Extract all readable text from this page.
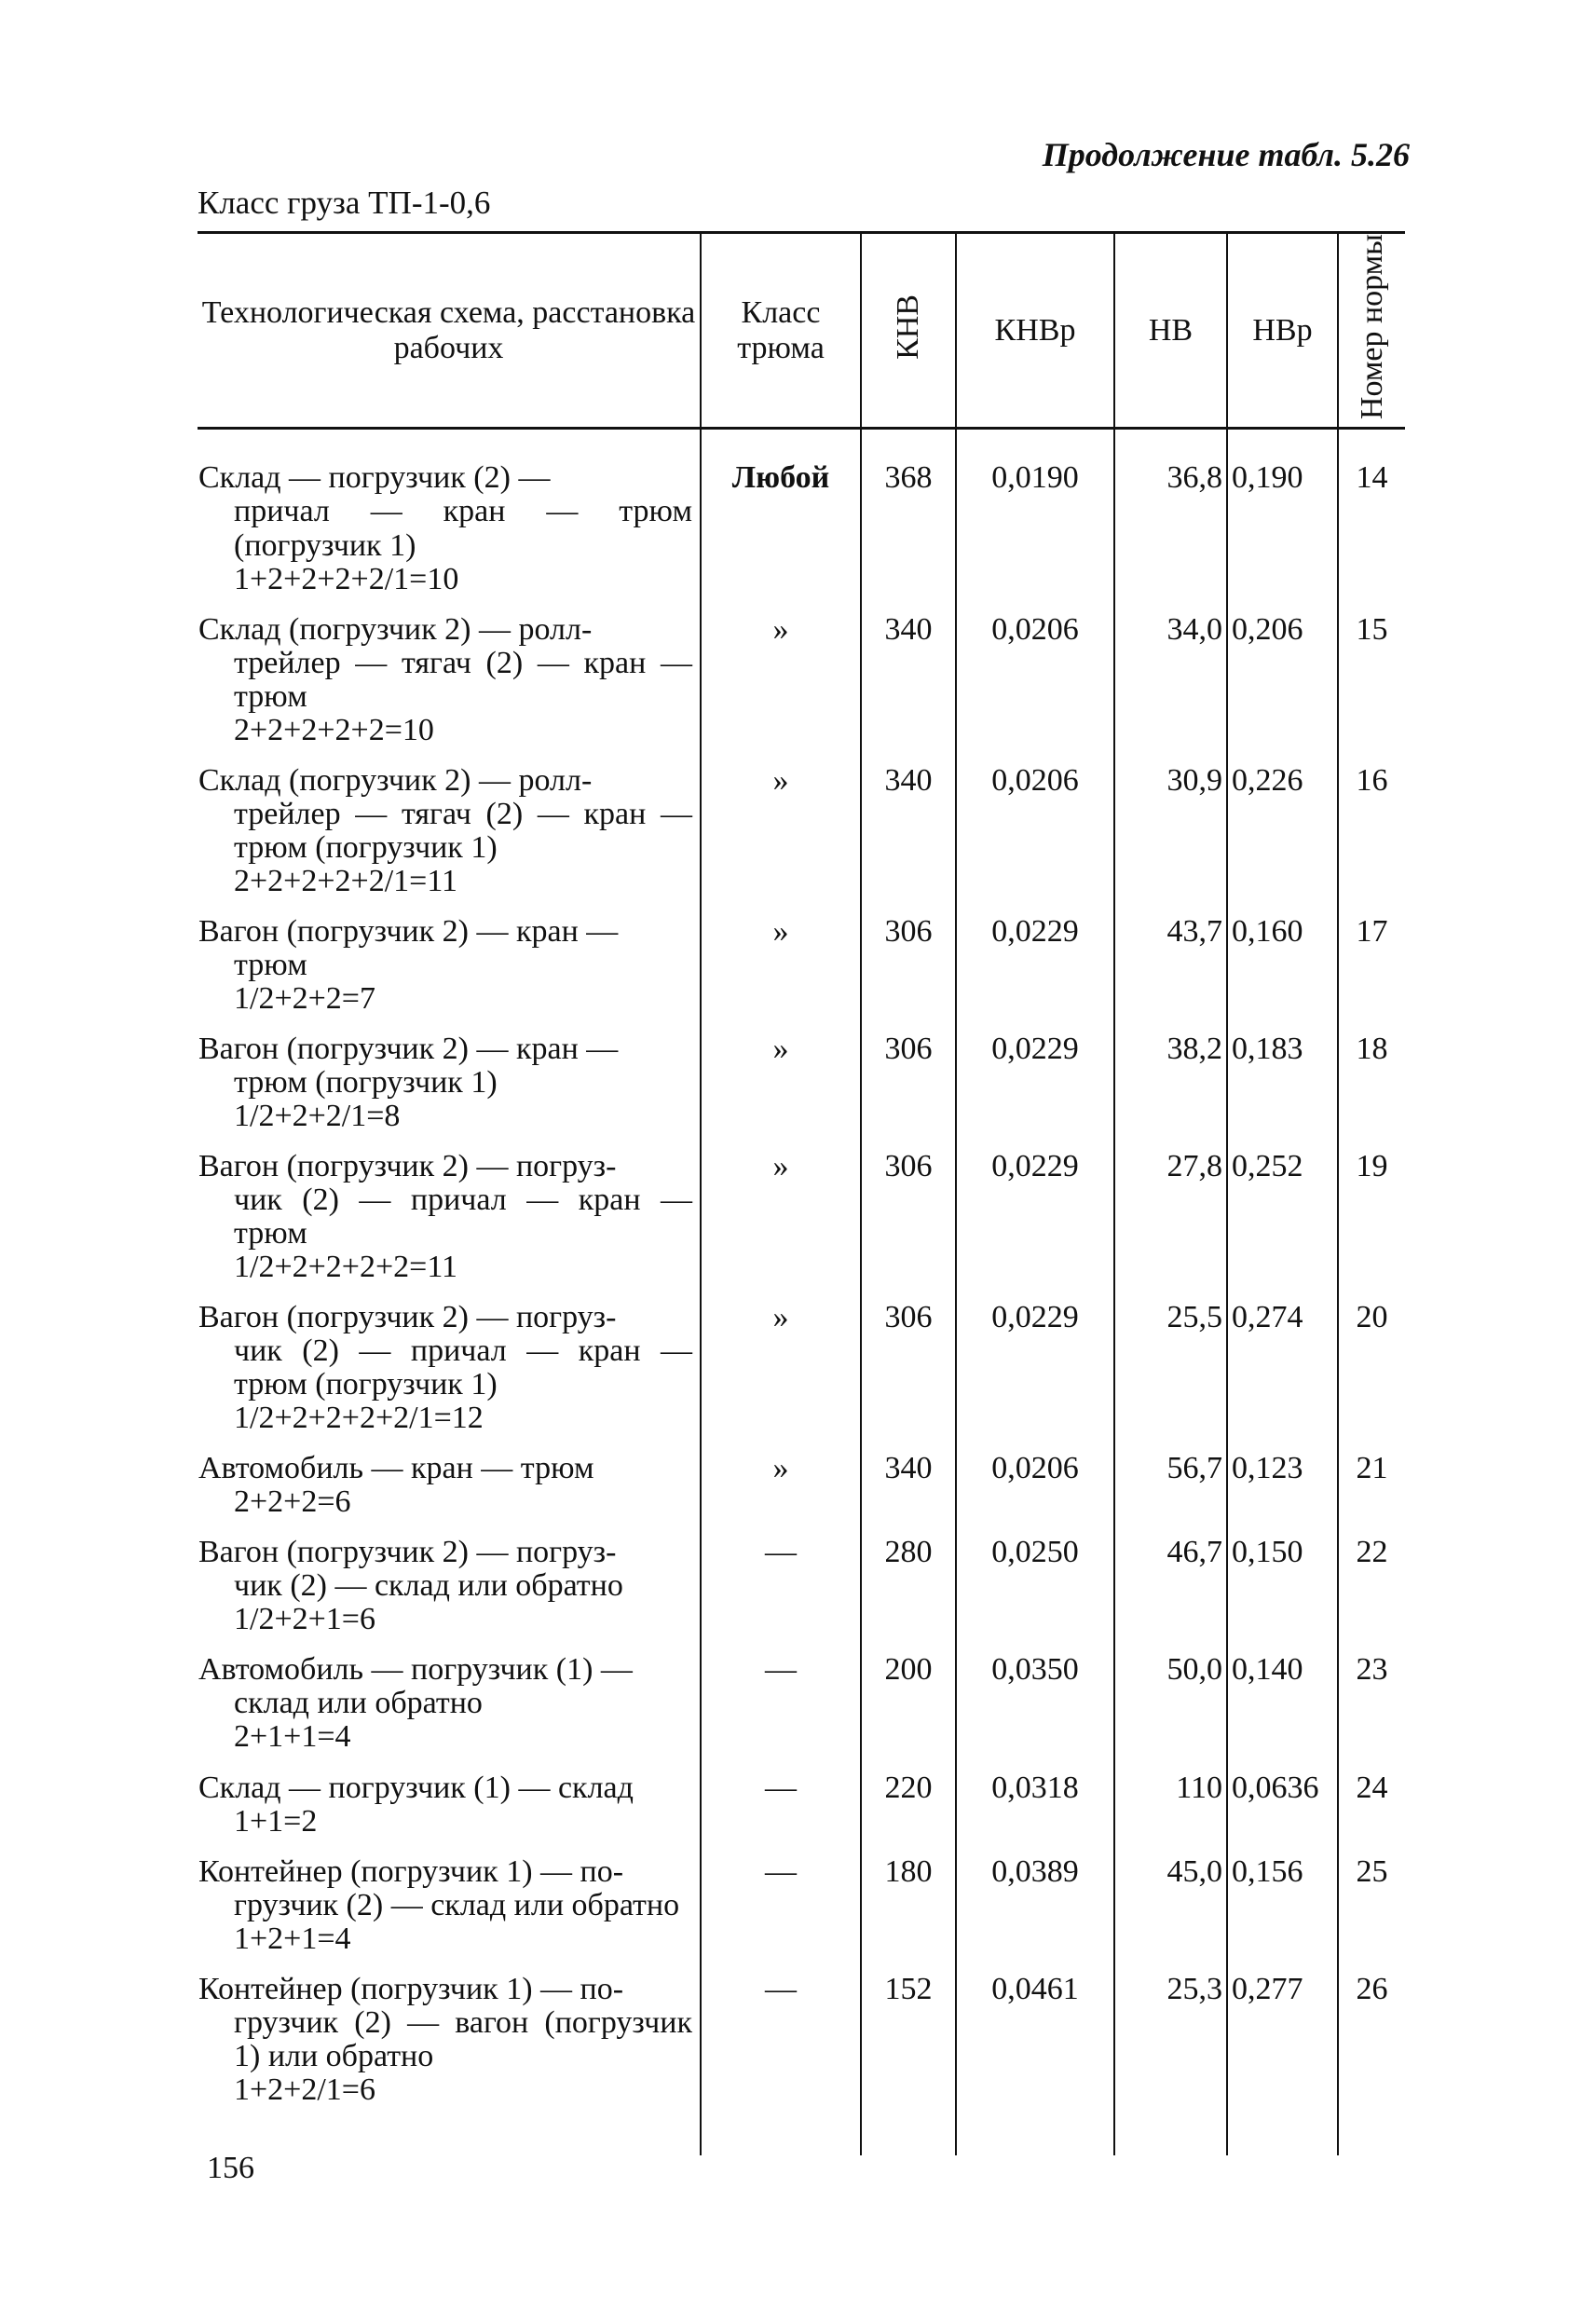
Продолжение табл. 5.26
Класс груза ТП-1-0,6
Технологическая схема, расстановка рабочих	Класс трюма	КНВ	КНВр	НВ	НВр	Номер нормы

Склад — погрузчик (2) —
причал — кран — трюм (погрузчик 1)
1+2+2+2+2/1=10	Любой	368	0,0190	36,8	0,190	14

Склад (погрузчик 2) — ролл-
трейлер — тягач (2) — кран — трюм
2+2+2+2+2=10	»	340	0,0206	34,0	0,206	15

Склад (погрузчик 2) — ролл-
трейлер — тягач (2) — кран — трюм (погрузчик 1)
2+2+2+2+2/1=11	»	340	0,0206	30,9	0,226	16

Вагон (погрузчик 2) — кран —
трюм
1/2+2+2=7	»	306	0,0229	43,7	0,160	17

Вагон (погрузчик 2) — кран —
трюм (погрузчик 1)
1/2+2+2/1=8	»	306	0,0229	38,2	0,183	18

Вагон (погрузчик 2) — погруз-
чик (2) — причал — кран — трюм
1/2+2+2+2+2=11	»	306	0,0229	27,8	0,252	19

Вагон (погрузчик 2) — погруз-
чик (2) — причал — кран — трюм (погрузчик 1)
1/2+2+2+2+2/1=12	»	306	0,0229	25,5	0,274	20

Автомобиль — кран — трюм
2+2+2=6	»	340	0,0206	56,7	0,123	21

Вагон (погрузчик 2) — погруз-
чик (2) — склад или обратно
1/2+2+1=6	—	280	0,0250	46,7	0,150	22

Автомобиль — погрузчик (1) —
склад или обратно
2+1+1=4	—	200	0,0350	50,0	0,140	23

Склад — погрузчик (1) — склад
1+1=2	—	220	0,0318	110	0,0636	24

Контейнер (погрузчик 1) — по-
грузчик (2) — склад или обратно
1+2+1=4	—	180	0,0389	45,0	0,156	25

Контейнер (погрузчик 1) — по-
грузчик (2) — вагон (погрузчик 1) или обратно
1+2+2/1=6	—	152	0,0461	25,3	0,277	26
156
